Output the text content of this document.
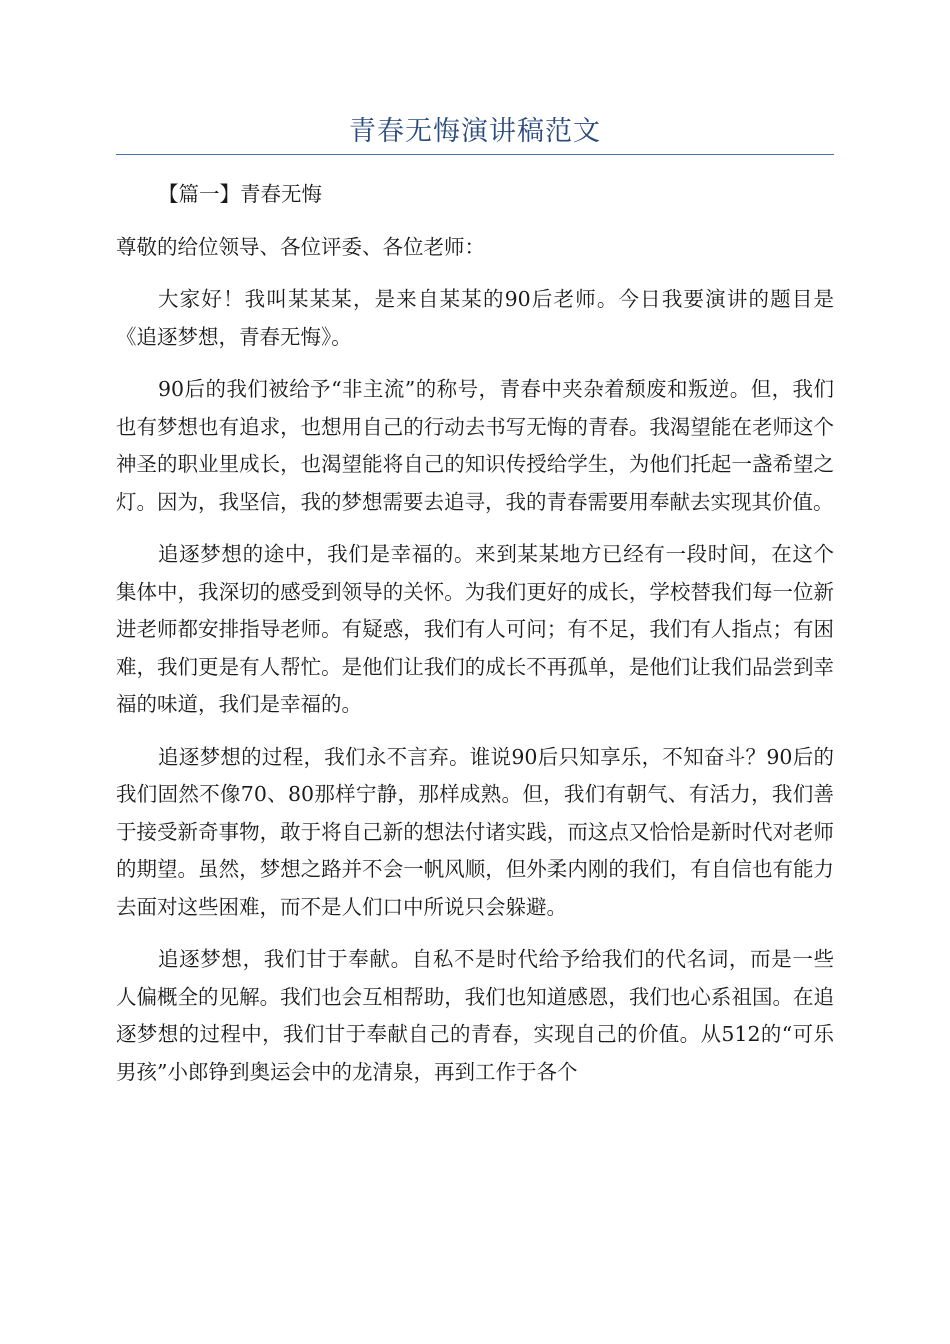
青春无悔演讲稿范文

【篇一】青春无悔

尊敬的给位领导、各位评委、各位老师：

大家好！我叫某某某，是来自某某的90后老师。今日我要演讲的题目是《追逐梦想，青春无悔》。

90后的我们被给予“非主流”的称号，青春中夹杂着颓废和叛逆。但，我们也有梦想也有追求，也想用自己的行动去书写无悔的青春。我渴望能在老师这个神圣的职业里成长，也渴望能将自己的知识传授给学生，为他们托起一盏希望之灯。因为，我坚信，我的梦想需要去追寻，我的青春需要用奉献去实现其价值。

追逐梦想的途中，我们是幸福的。来到某某地方已经有一段时间，在这个集体中，我深切的感受到领导的关怀。为我们更好的成长，学校替我们每一位新进老师都安排指导老师。有疑惑，我们有人可问；有不足，我们有人指点；有困难，我们更是有人帮忙。是他们让我们的成长不再孤单，是他们让我们品尝到幸福的味道，我们是幸福的。

追逐梦想的过程，我们永不言弃。谁说90后只知享乐，不知奋斗？90后的我们固然不像70、80那样宁静，那样成熟。但，我们有朝气、有活力，我们善于接受新奇事物，敢于将自己新的想法付诸实践，而这点又恰恰是新时代对老师的期望。虽然，梦想之路并不会一帆风顺，但外柔内刚的我们，有自信也有能力去面对这些困难，而不是人们口中所说只会躲避。

追逐梦想，我们甘于奉献。自私不是时代给予给我们的代名词，而是一些人偏概全的见解。我们也会互相帮助，我们也知道感恩，我们也心系祖国。在追逐梦想的过程中，我们甘于奉献自己的青春，实现自己的价值。从512的“可乐男孩”小郎铮到奥运会中的龙清泉，再到工作于各个
